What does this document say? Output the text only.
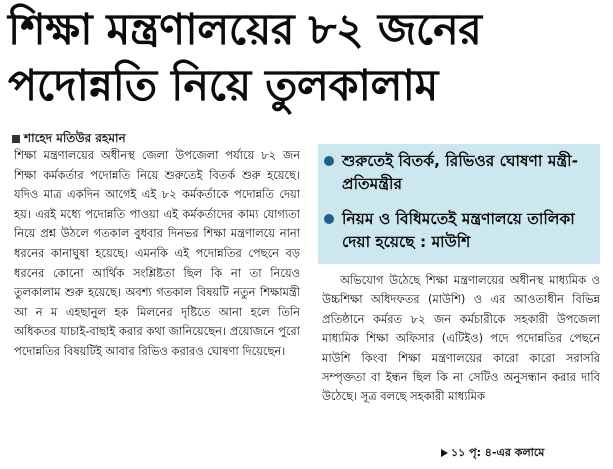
শিক্ষা মন্ত্রণালয়ের ৮২ জনের
পদোন্নতি নিয়ে তুলকালাম
শাহেদ মতিউর রহমান

শিক্ষা মন্ত্রণালয়ের অধীনস্থ জেলা উপজেলা পর্যায়ে ৮২ জন শিক্ষা কর্মকর্তার পদোন্নতি নিয়ে শুরুতেই বিতর্ক শুরু হয়েছে। যদিও মাত্র একদিন আগেই এই ৮২ কর্মকর্তাকে পদোন্নতি দেয়া হয়। এরই মধ্যে পদোন্নতি পাওয়া এই কর্মকর্তাদের কাম্য যোগ্যতা নিয়ে প্রশ্ন উঠলে গতকাল বুধবার দিনভর শিক্ষা মন্ত্রণালয়ে নানা ধরনের কানাঘুষা হয়েছে। এমনকি এই পদোন্নতির পেছনে বড় ধরনের কোনো আর্থিক সংশ্লিষ্টতা ছিল কি না তা নিয়েও তুলকালাম শুরু হয়েছে। অবশ্য গতকাল বিষয়টি নতুন শিক্ষামন্ত্রী আ ন ম এহছানুল হক মিলনের দৃষ্টিতে আনা হলে তিনি অধিকতর যাচাই-বাছাই করার কথা জানিয়েছেন। প্রয়োজনে পুরো পদোন্নতির বিষয়টিই আবার রিভিও করারও ঘোষণা দিয়েছেন।

শুরুতেই বিতর্ক, রিভিওর ঘোষণা মন্ত্রী- প্রতিমন্ত্রীর
নিয়ম ও বিধিমতেই মন্ত্রণালয়ে তালিকা দেয়া হয়েছে : মাউশি

অভিযোগ উঠেছে শিক্ষা মন্ত্রণালয়ের অধীনস্থ মাধ্যমিক ও উচ্চশিক্ষা অধিদফতর (মাউশি) ও এর আওতাধীন বিভিন্ন প্রতিষ্ঠানে কর্মরত ৮২ জন কর্মচারীকে সহকারী উপজেলা মাধ্যমিক শিক্ষা অফিসার (এটিইও) পদে পদোন্নতির পেছনে মাউশি কিংবা শিক্ষা মন্ত্রণালয়ের কারো কারো সরাসরি সম্পৃক্ততা বা ইন্ধন ছিল কি না সেটিও অনুসন্ধান করার দাবি উঠেছে। সূত্র বলছে সহকারী মাধ্যমিক

১১ পৃ: ৪-এর কলামে
